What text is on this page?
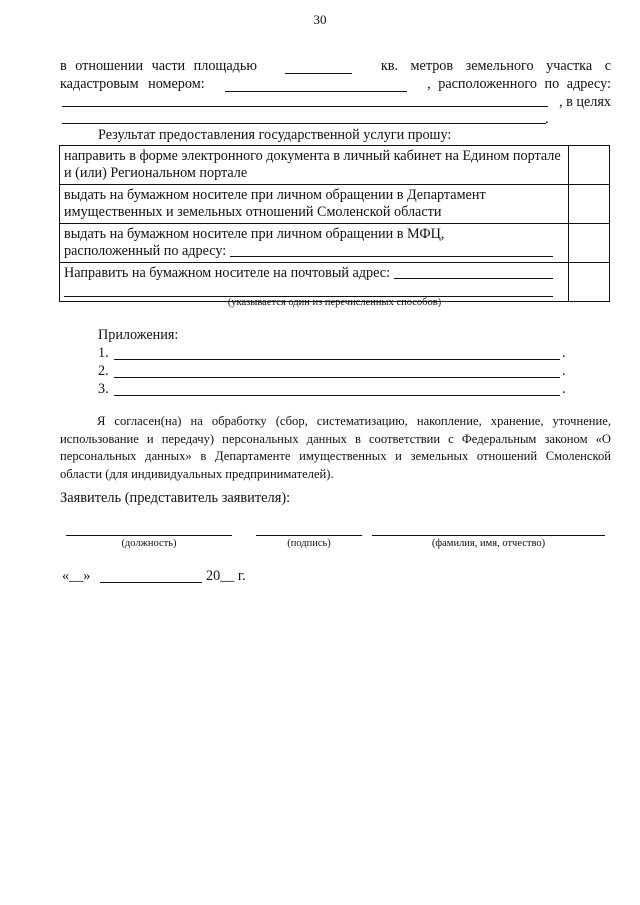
30
в отношении части площадью	кв. метров земельного участка с
кадастровым номером:	, расположенного по адресу:
, в целях
.
Результат предоставления государственной услуги прошу:
направить в форме электронного документа в личный кабинет на Едином портале и (или) Региональном портале	
выдать на бумажном носителе при личном обращении в Департамент имущественных и земельных отношений Смоленской области	

выдать на бумажном носителе при личном обращении в МФЦ,
расположенный по адресу:	

Направить на бумажном носителе на почтовый адрес:	

(указывается один из перечисленных способов)
Приложения:
1.	.
2.	.
3.	.
Я согласен(на) на обработку (сбор, систематизацию, накопление, хранение, уточнение, использование и передачу) персональных данных в соответствии с Федеральным законом «О персональных данных» в Департаменте имущественных и земельных отношений Смоленской области (для индивидуальных предпринимателей).
Заявитель (представитель заявителя):
(должность)	(подпись)	(фамилия, имя, отчество)
«__»	20__ г.
